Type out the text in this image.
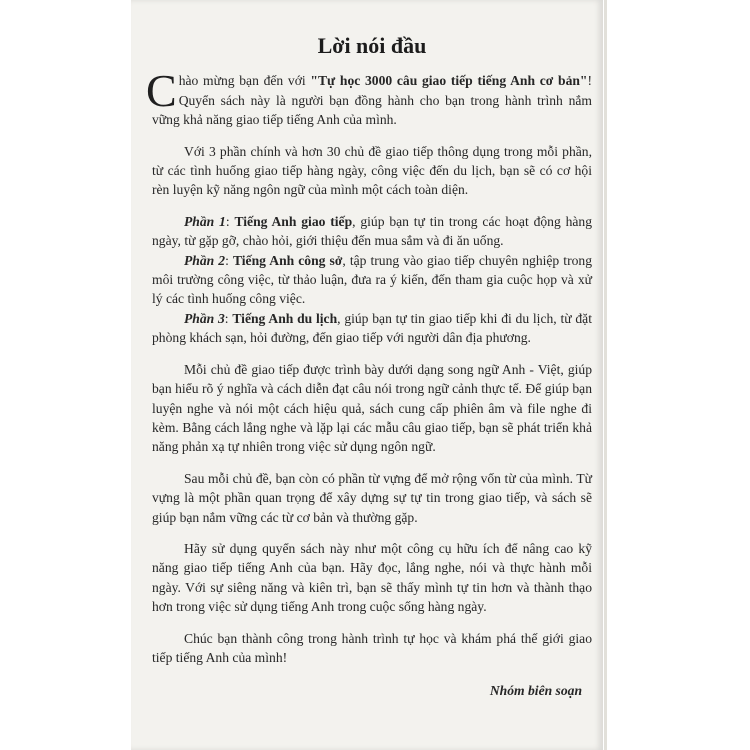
Lời nói đầu

Chào mừng bạn đến với "Tự học 3000 câu giao tiếp tiếng Anh cơ bản"! Quyển sách này là người bạn đồng hành cho bạn trong hành trình nắm vững khả năng giao tiếp tiếng Anh của mình.

Với 3 phần chính và hơn 30 chủ đề giao tiếp thông dụng trong mỗi phần, từ các tình huống giao tiếp hàng ngày, công việc đến du lịch, bạn sẽ có cơ hội rèn luyện kỹ năng ngôn ngữ của mình một cách toàn diện.

Phần 1: Tiếng Anh giao tiếp, giúp bạn tự tin trong các hoạt động hàng ngày, từ gặp gỡ, chào hỏi, giới thiệu đến mua sắm và đi ăn uống.

Phần 2: Tiếng Anh công sở, tập trung vào giao tiếp chuyên nghiệp trong môi trường công việc, từ thảo luận, đưa ra ý kiến, đến tham gia cuộc họp và xử lý các tình huống công việc.

Phần 3: Tiếng Anh du lịch, giúp bạn tự tin giao tiếp khi đi du lịch, từ đặt phòng khách sạn, hỏi đường, đến giao tiếp với người dân địa phương.

Mỗi chủ đề giao tiếp được trình bày dưới dạng song ngữ Anh - Việt, giúp bạn hiểu rõ ý nghĩa và cách diễn đạt câu nói trong ngữ cảnh thực tế. Để giúp bạn luyện nghe và nói một cách hiệu quả, sách cung cấp phiên âm và file nghe đi kèm. Bằng cách lắng nghe và lặp lại các mẫu câu giao tiếp, bạn sẽ phát triển khả năng phản xạ tự nhiên trong việc sử dụng ngôn ngữ.

Sau mỗi chủ đề, bạn còn có phần từ vựng để mở rộng vốn từ của mình. Từ vựng là một phần quan trọng để xây dựng sự tự tin trong giao tiếp, và sách sẽ giúp bạn nắm vững các từ cơ bản và thường gặp.

Hãy sử dụng quyển sách này như một công cụ hữu ích để nâng cao kỹ năng giao tiếp tiếng Anh của bạn. Hãy đọc, lắng nghe, nói và thực hành mỗi ngày. Với sự siêng năng và kiên trì, bạn sẽ thấy mình tự tin hơn và thành thạo hơn trong việc sử dụng tiếng Anh trong cuộc sống hàng ngày.

Chúc bạn thành công trong hành trình tự học và khám phá thế giới giao tiếp tiếng Anh của mình!

Nhóm biên soạn
